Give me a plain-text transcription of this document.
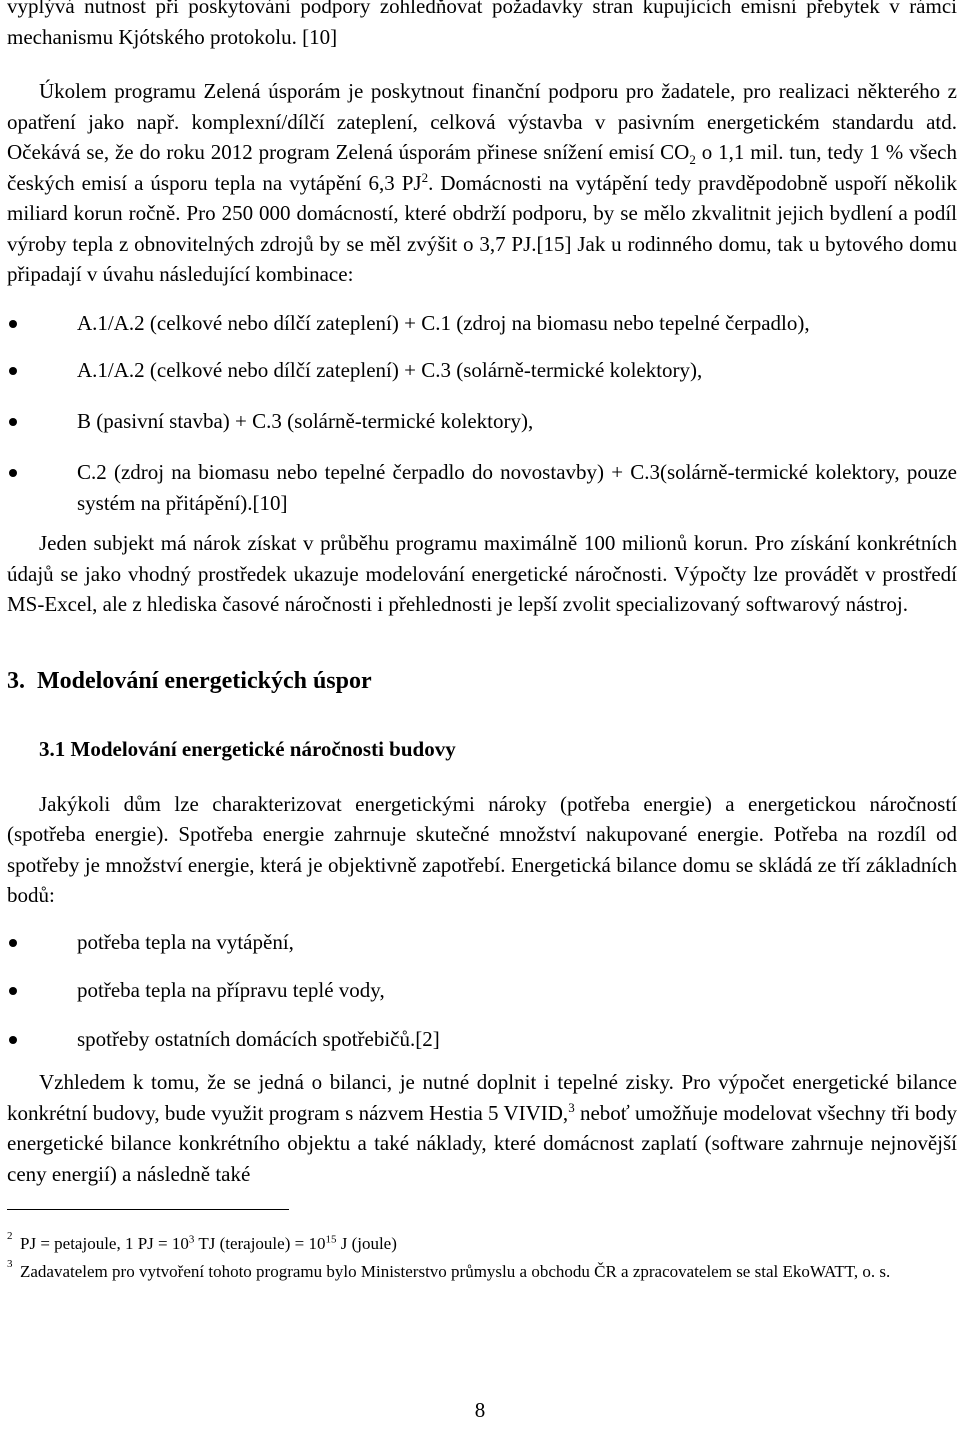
vyplývá nutnost při poskytování podpory zohledňovat požadavky stran kupujících emisní přebytek v rámci mechanismu Kjótského protokolu. [10]

Úkolem programu Zelená úsporám je poskytnout finanční podporu pro žadatele, pro realizaci některého z opatření jako např. komplexní/dílčí zateplení, celková výstavba v pasivním energetickém standardu atd. Očekává se, že do roku 2012 program Zelená úsporám přinese snížení emisí $CO_2$ o 1,1 mil. tun, tedy 1 % všech českých emisí a úsporu tepla na vytápění 6,3 $PJ^2$. Domácnosti na vytápění tedy pravděpodobně uspoří několik miliard korun ročně. Pro 250 000 domácností, které obdrží podporu, by se mělo zkvalitnit jejich bydlení a podíl výroby tepla z obnovitelných zdrojů by se měl zvýšit o 3,7 PJ.[15] Jak u rodinného domu, tak u bytového domu připadají v úvahu následující kombinace:

A.1/A.2 (celkové nebo dílčí zateplení) + C.1 (zdroj na biomasu nebo tepelné čerpadlo),
A.1/A.2 (celkové nebo dílčí zateplení) + C.3 (solárně-termické kolektory),
B (pasivní stavba) + C.3 (solárně-termické kolektory),
C.2 (zdroj na biomasu nebo tepelné čerpadlo do novostavby) + C.3(solárně-termické kolektory, pouze systém na přitápění).[10]

Jeden subjekt má nárok získat v průběhu programu maximálně 100 milionů korun. Pro získání konkrétních údajů se jako vhodný prostředek ukazuje modelování energetické náročnosti. Výpočty lze provádět v prostředí MS-Excel, ale z hlediska časové náročnosti i přehlednosti je lepší zvolit specializovaný softwarový nástroj.

3.  Modelování energetických úspor
3.1 Modelování energetické náročnosti budovy

Jakýkoli dům lze charakterizovat energetickými nároky (potřeba energie) a energetickou náročností (spotřeba energie). Spotřeba energie zahrnuje skutečné množství nakupované energie. Potřeba na rozdíl od spotřeby je množství energie, která je objektivně zapotřebí. Energetická bilance domu se skládá ze tří základních bodů:

potřeba tepla na vytápění,
potřeba tepla na přípravu teplé vody,
spotřeby ostatních domácích spotřebičů.[2]

Vzhledem k tomu, že se jedná o bilanci, je nutné doplnit i tepelné zisky. Pro výpočet energetické bilance konkrétní budovy, bude využit program s názvem Hestia 5 VIVID,$^3$ neboť umožňuje modelovat všechny tři body energetické bilance konkrétního objektu a také náklady, které domácnost zaplatí (software zahrnuje nejnovější ceny energií) a následně také

2 PJ = petajoule, 1 PJ = $10^3$ TJ (terajoule) = $10^{15}$ J (joule)

3 Zadavatelem pro vytvoření tohoto programu bylo Ministerstvo průmyslu a obchodu ČR a zpracovatelem se stal EkoWATT, o. s.

8
